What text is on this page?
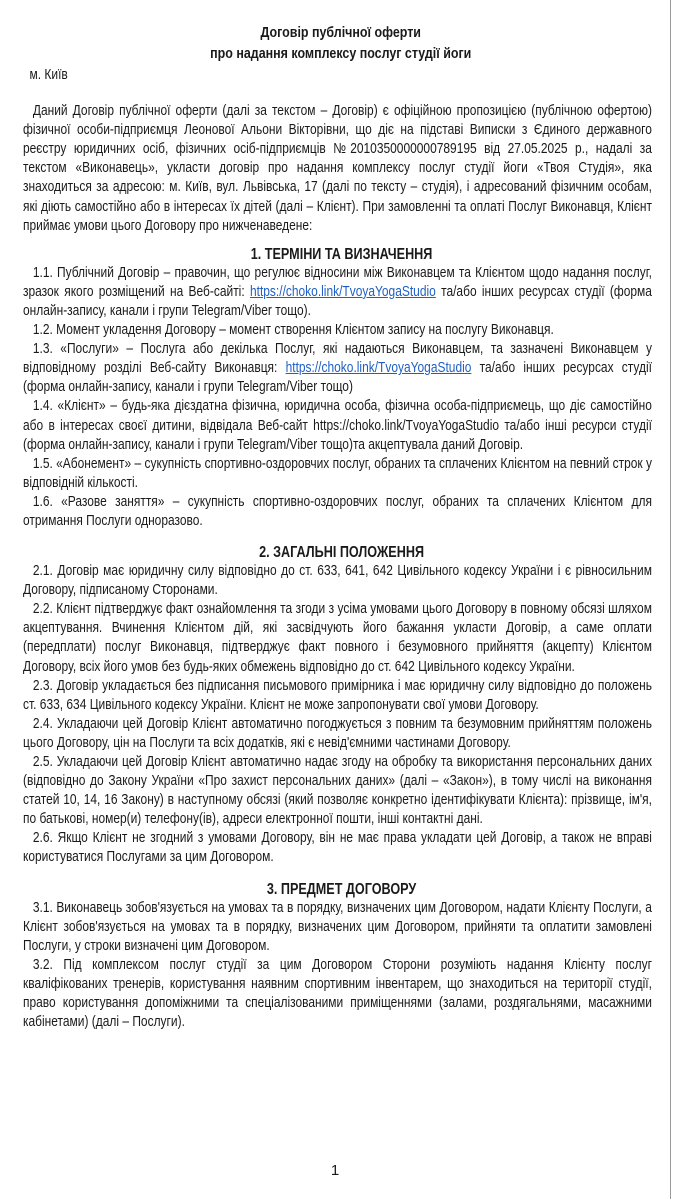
Договір публічної оферти

про надання комплексу послуг студії йоги

м. Київ

Даний Договір публічної оферти (далі за текстом – Договір) є офіційною пропозицією (публічною офертою) фізичної особи-підприємця Леонової Альони Вікторівни, що діє на підставі Виписки з Єдиного державного реєстру юридичних осіб, фізичних осіб-підприємців №2010350000000789195 від 27.05.2025 р., надалі за текстом «Виконавець», укласти договір про надання комплексу послуг студії йоги «Твоя Студія», яка знаходиться за адресою: м. Київ, вул. Львівська, 17 (далі по тексту – студія), і адресований фізичним особам, які діють самостійно або в інтересах їх дітей (далі – Клієнт). При замовленні та оплаті Послуг Виконавця, Клієнт приймає умови цього Договору про нижченаведене:

1. ТЕРМІНИ ТА ВИЗНАЧЕННЯ

1.1. Публічний Договір – правочин, що регулює відносини між Виконавцем та Клієнтом щодо надання послуг, зразок якого розміщений на Веб-сайті: https://choko.link/TvoyaYogaStudio та/або інших ресурсах студії (форма онлайн-запису, канали і групи Telegram/Viber тощо).

1.2. Момент укладення Договору – момент створення Клієнтом запису на послугу Виконавця.

1.3. «Послуги» – Послуга або декілька Послуг, які надаються Виконавцем, та зазначені Виконавцем у відповідному розділі Веб-сайту Виконавця: https://choko.link/TvoyaYogaStudio та/або інших ресурсах студії (форма онлайн-запису, канали і групи Telegram/Viber тощо)

1.4. «Клієнт» – будь-яка дієздатна фізична, юридична особа, фізична особа-підприємець, що діє самостійно або в інтересах своєї дитини, відвідала Веб-сайт https://choko.link/TvoyaYogaStudio та/або інші ресурси студії (форма онлайн-запису, канали і групи Telegram/Viber тощо)та акцептувала даний Договір.

1.5. «Абонемент» – сукупність спортивно-оздоровчих послуг, обраних та сплачених Клієнтом на певний строк у відповідній кількості.

1.6. «Разове заняття» – сукупність спортивно-оздоровчих послуг, обраних та сплачених Клієнтом для отримання Послуги одноразово.

2. ЗАГАЛЬНІ ПОЛОЖЕННЯ

2.1. Договір має юридичну силу відповідно до ст. 633, 641, 642 Цивільного кодексу України і є рівносильним Договору, підписаному Сторонами.

2.2. Клієнт підтверджує факт ознайомлення та згоди з усіма умовами цього Договору в повному обсязі шляхом акцептування. Вчинення Клієнтом дій, які засвідчують його бажання укласти Договір, а саме оплати (передплати) послуг Виконавця, підтверджує факт повного і безумовного прийняття (акцепту) Клієнтом Договору, всіх його умов без будь-яких обмежень відповідно до ст. 642 Цивільного кодексу України.

2.3. Договір укладається без підписання письмового примірника і має юридичну силу відповідно до положень ст. 633, 634 Цивільного кодексу України. Клієнт не може запропонувати свої умови Договору.

2.4. Укладаючи цей Договір Клієнт автоматично погоджується з повним та безумовним прийняттям положень цього Договору, цін на Послуги та всіх додатків, які є невід'ємними частинами Договору.

2.5. Укладаючи цей Договір Клієнт автоматично надає згоду на обробку та використання персональних даних (відповідно до Закону України «Про захист персональних даних» (далі – «Закон»), в тому числі на виконання статей 10, 14, 16 Закону) в наступному обсязі (який позволяє конкретно ідентифікувати Клієнта): прізвище, ім'я, по батькові, номер(и) телефону(ів), адреси електронної пошти, інші контактні дані.

2.6. Якщо Клієнт не згодний з умовами Договору, він не має права укладати цей Договір, а також не вправі користуватися Послугами за цим Договором.

3. ПРЕДМЕТ ДОГОВОРУ

3.1. Виконавець зобов'язується на умовах та в порядку, визначених цим Договором, надати Клієнту Послуги, а Клієнт зобов'язується на умовах та в порядку, визначених цим Договором, прийняти та оплатити замовлені Послуги, у строки визначені цим Договором.

3.2. Під комплексом послуг студії за цим Договором Сторони розуміють надання Клієнту послуг кваліфікованих тренерів, користування наявним спортивним інвентарем, що знаходиться на території студії, право користування допоміжними та спеціалізованими приміщеннями (залами, роздягальнями, масажними кабінетами) (далі – Послуги).

1
